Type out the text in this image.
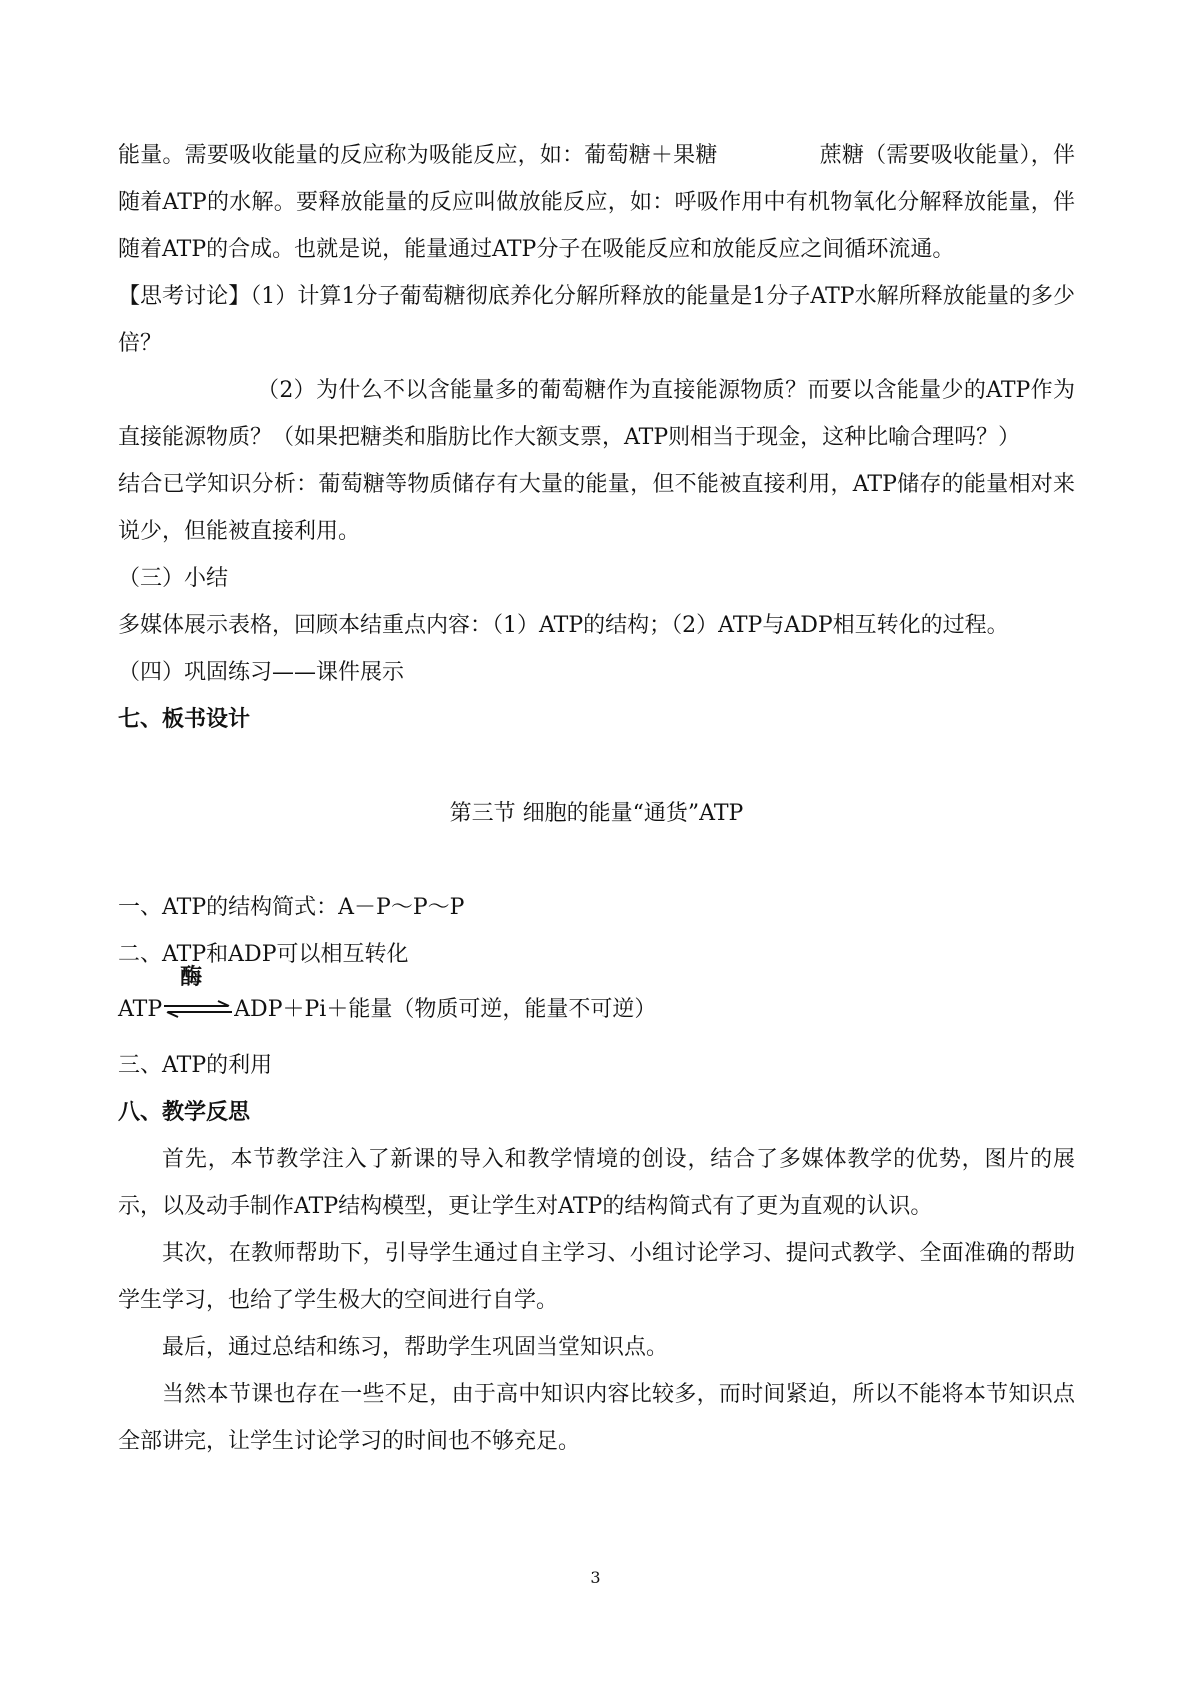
能量。需要吸收能量的反应称为吸能反应，如：葡萄糖＋果糖	蔗糖（需要吸收能量），伴随着ATP的水解。要释放能量的反应叫做放能反应，如：呼吸作用中有机物氧化分解释放能量，伴随着ATP的合成。也就是说，能量通过ATP分子在吸能反应和放能反应之间循环流通。

【思考讨论】（1）计算1分子葡萄糖彻底养化分解所释放的能量是1分子ATP水解所释放能量的多少倍？

（2）为什么不以含能量多的葡萄糖作为直接能源物质？而要以含能量少的ATP作为直接能源物质？（如果把糖类和脂肪比作大额支票，ATP则相当于现金，这种比喻合理吗？）

结合已学知识分析：葡萄糖等物质储存有大量的能量，但不能被直接利用，ATP储存的能量相对来说少，但能被直接利用。

（三）小结

多媒体展示表格，回顾本结重点内容：（1）ATP的结构；（2）ATP与ADP相互转化的过程。

（四）巩固练习——课件展示

七、板书设计

第三节 细胞的能量“通货”ATP

一、ATP的结构简式：A－P～P～P

二、ATP和ADP可以相互转化

ATP
酶
ADP＋Pi＋能量（物质可逆，能量不可逆）

三、ATP的利用

八、教学反思

首先，本节教学注入了新课的导入和教学情境的创设，结合了多媒体教学的优势，图片的展示，以及动手制作ATP结构模型，更让学生对ATP的结构简式有了更为直观的认识。

其次，在教师帮助下，引导学生通过自主学习、小组讨论学习、提问式教学、全面准确的帮助学生学习，也给了学生极大的空间进行自学。

最后，通过总结和练习，帮助学生巩固当堂知识点。

当然本节课也存在一些不足，由于高中知识内容比较多，而时间紧迫，所以不能将本节知识点全部讲完，让学生讨论学习的时间也不够充足。

3
